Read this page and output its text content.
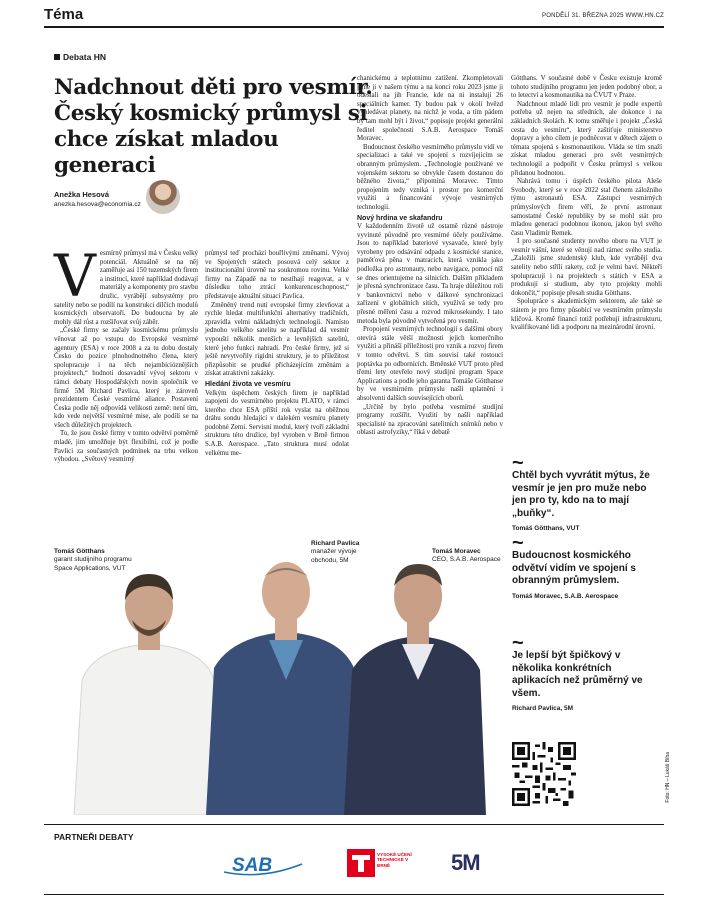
Téma	PONDĚLÍ 31. BŘEZNA 2025 WWW.HN.CZ
Debata HN
Nadchnout děti pro vesmír. Český kosmický průmysl si chce získat mladou generaci
Anežka Hesová
anezka.hesova@economia.cz

Vesmírný průmysl má v Česku velký potenciál. Aktuálně se na něj zaměřuje asi 150 tuzemských firem a institucí, které například dodávají materiály a komponenty pro stavbu družic, vyrábějí subsystémy pro satelity nebo se podílí na konstrukci dílčích modulů kosmických observatoří. Do budoucna by ale mohly dál růst a rozšiřovat svůj záběr.

„České firmy se začaly kosmickému průmyslu věnovat až po vstupu do Evropské vesmírné agentury (ESA) v roce 2008 a za tu dobu dostaly Česko do pozice plnohodnotného člena, který spolupracuje i na těch nejambicióznějších projektech,“ hodnotí dosavadní vývoj sektoru v rámci debaty Hospodářských novin společník ve firmě 5M Richard Pavlica, který je zároveň prezidentem České vesmírné aliance. Postavení Česka podle něj odpovídá velikosti země: není tím, kdo vede největší vesmírné mise, ale podílí se na všech důležitých projektech.

To, že jsou české firmy v tomto odvětví poměrně mladé, jim umožňuje být flexibilní, což je podle Pavlici za současných podmínek na trhu velkou výhodou. „Světový vesmírný

průmysl teď prochází bouřlivými změnami. Vývoj ve Spojených státech posouvá celý sektor z institucionální úrovně na soukromou rovinu. Velké firmy na Západě na to nestíhají reagovat, a v důsledku toho ztrácí konkurenceschopnost,“ představuje aktuální situaci Pavlica.

Změněný trend nutí evropské firmy zlevňovat a rychle hledat multifunkční alternativy tradičních, zpravidla velmi nákladných technologií. Namísto jednoho velkého satelitu se například dá vesmír vypouští několik menších a levnějších satelitů, které jeho funkci nahradí. Pro české firmy, jež si ještě nevytvořily rigidní struktury, je to příležitost přizpůsobit se prudké přicházejícím změnám a získat atraktivní zakázky.

Hledání života ve vesmíru

Velkým úspěchem českých firem je například zapojení do vesmírného projektu PLATO, v rámci kterého chce ESA příští rok vyslat na oběžnou dráhu sondu hledající v dalekém vesmíru planety podobné Zemi. Servisní modul, který tvoří základní strukturu této družice, byl vyroben v Brně firmou S.A.B. Aerospace. „Tato struktura musí odolat velkému me-

chanickému a teplotnímu zatížení. Zkompletovali jsme ji v našem týmu a na konci roku 2023 jsme ji odeslali na jih Francie, kde na ni instalují 26 speciálních kamer. Ty budou pak v okolí hvězd vyhledávat planety, na nichž je voda, a tím pádem by tam mohl být i život,“ popisuje projekt generální ředitel společnosti S.A.B. Aerospace Tomáš Moravec.

Budoucnost českého vesmírného průmyslu vidí ve specializaci a také ve spojení s rozvíjejícím se obranným průmyslem. „Technologie používané ve vojenském sektoru se obvykle časem dostanou do běžného života,“ připomíná Moravec. Tímto propojením tedy vzniká i prostor pro komerční využití a financování vývoje vesmírných technologií.

Nový hrdina ve skafandru

V každodenním životě už ostatně různé nástroje vyvinuté původně pro vesmírné účely používáme. Jsou to například bateriové vysavače, které byly vyrobeny pro odsávání odpadu z kosmické stanice, paměťová pěna v matracích, která vznikla jako podložka pro astronauty, nebo navigace, pomocí níž se dnes orientujeme na silnicích. Dalším příkladem je přesná synchronizace času. Ta hraje důležitou roli v bankovnictví nebo v dálkové synchronizaci zařízení v globálních sítích, využívá se tedy pro přesné měření času a rozvod mikrosekundy. I tato metoda byla původně vytvořená pro vesmír.

Propojení vesmírných technologií s dalšími obory otevírá stále větší možnosti jejich komerčního využití a přináší příležitosti pro vznik a rozvoj firem v tomto odvětví. S tím souvisí také rostoucí poptávka po odbornících. Brněnské VUT proto před třemi lety otevřelo nový studijní program Space Applications a podle jeho garanta Tomáše Götthanse by ve vesmírném průmyslu našli uplatnění i absolventi dalších souvisejících oborů.

„Určitě by bylo potřeba vesmírné studijní programy rozšířit. Využití by našli například specialisté na zpracování satelitních snímků nebo v oblasti astrofyziky,“ říká v debatě

Götthans. V současné době v Česku existuje kromě tohoto studijního programu jen jeden podobný obor, a to letectví a kosmonautika na ČVUT v Praze.

Nadchnout mladé lidi pro vesmír je podle expertů potřeba už nejen na středních, ale dokonce i na základních školách. K tomu směřuje i projekt „Česká cesta do vesmíru“, který zaštiťuje ministerstvo dopravy a jeho cílem je podněcovat v dětech zájem o témata spojená s kosmonautikou. Vláda se tím snaží získat mladou generaci pro svět vesmírných technologií a podpořit v Česku průmysl s velkou přidanou hodnotou.

Nahrává tomu i úspěch českého pilota Aleše Svobody, který se v roce 2022 stal členem záložního týmu astronautů ESA. Zástupci vesmírných průmyslových firem věří, že první astronaut samostatné České republiky by se mohl stát pro mladou generaci podobnou ikonou, jakou byl svého času Vladimír Remek.

I pro současné studenty nového oboru na VUT je vesmír vášní, které se věnují nad rámec svého studia. „Založili jsme studentský klub, kde vyrábějí dva satelity nebo stříli rakety, což je velmi baví. Někteří spolupracují i na projektech s státích v ESA a produkují si studium, aby tyto projekty mohli dokončit,“ popisuje přesah studia Götthans.

Spolupráce s akademickým sektorem, ale také se státem je pro firmy působící ve vesmírném průmyslu klíčová. Kromě financí totiž potřebují infrastrukturu, kvalifikované lidi a podporu na mezinárodní úrovni.

~
Chtěl bych vyvrátit mýtus, že vesmír je jen pro muže nebo jen pro ty, kdo na to mají „buňky“.
Tomáš Götthans, VUT
~
Budoucnost kosmického odvětví vidím ve spojení s obranným průmyslem.
Tomáš Moravec, S.A.B. Aerospace
~
Je lepší být špičkový v několika konkrétních aplikacích než průměrný ve všem.
Richard Pavlica, 5M
Foto: HN – Lukáš Bíba
Tomáš Götthans
garant studijního programu Space Applications, VUT
Richard Pavlica
manažer vývoje obchodu, 5M
Tomáš Moravec
CEO, S.A.B. Aerospace
PARTNEŘI DEBATY
SAB
VYSOKÉ UČENÍ TECHNICKÉ V BRNĚ	5M
